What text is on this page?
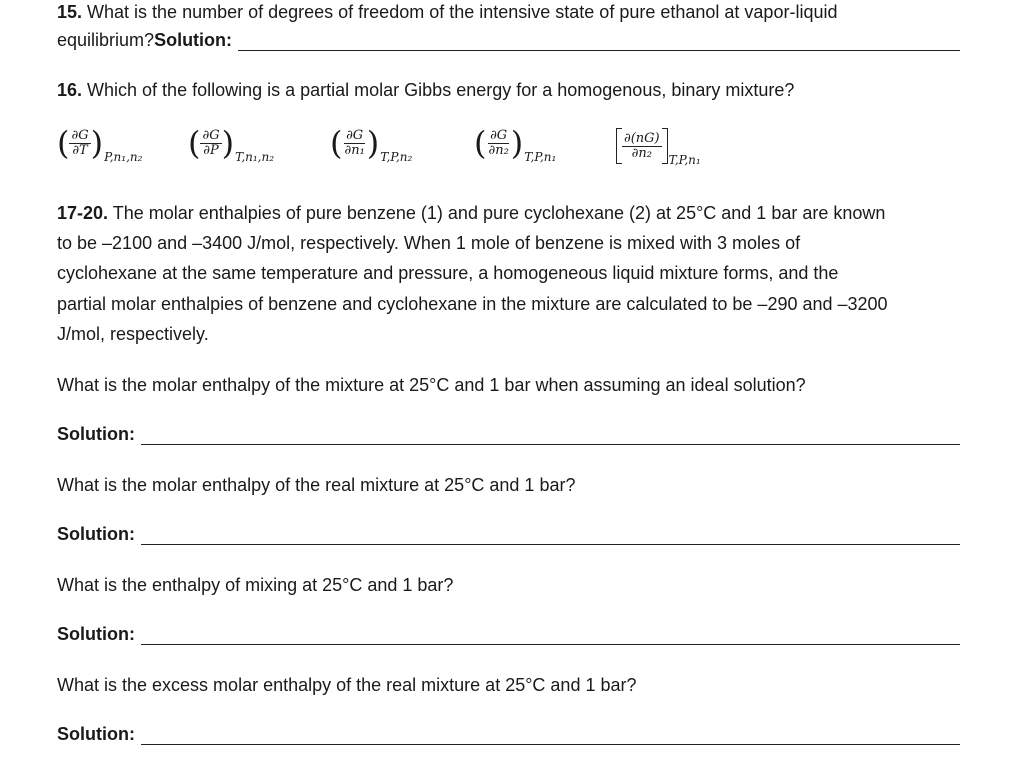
15. What is the number of degrees of freedom of the intensive state of pure ethanol at vapor-liquid
equilibrium? Solution:
16. Which of the following is a partial molar Gibbs energy for a homogenous, binary mixture?
( $\frac{\partial G}{\partial T}$ ) P,n₁,n₂ ( $\frac{\partial G}{\partial P}$ ) T,n₁,n₂ ( $\frac{\partial G}{\text{∂n₁}}$ ) T,P,n₂ ( $\frac{\partial G}{\text{∂n₂}}$ ) T,P,n₁	$\frac{\partial(nG)}{\text{∂n₂}} T,P,n_1$
17-20. The molar enthalpies of pure benzene (1) and pure cyclohexane (2) at 25°C and 1 bar are known
to be –2100 and –3400 J/mol, respectively. When 1 mole of benzene is mixed with 3 moles of
cyclohexane at the same temperature and pressure, a homogeneous liquid mixture forms, and the
partial molar enthalpies of benzene and cyclohexane in the mixture are calculated to be –290 and –3200
J/mol, respectively.
What is the molar enthalpy of the mixture at 25°C and 1 bar when assuming an ideal solution?
Solution:
What is the molar enthalpy of the real mixture at 25°C and 1 bar?
Solution:
What is the enthalpy of mixing at 25°C and 1 bar?
Solution:
What is the excess molar enthalpy of the real mixture at 25°C and 1 bar?
Solution:
